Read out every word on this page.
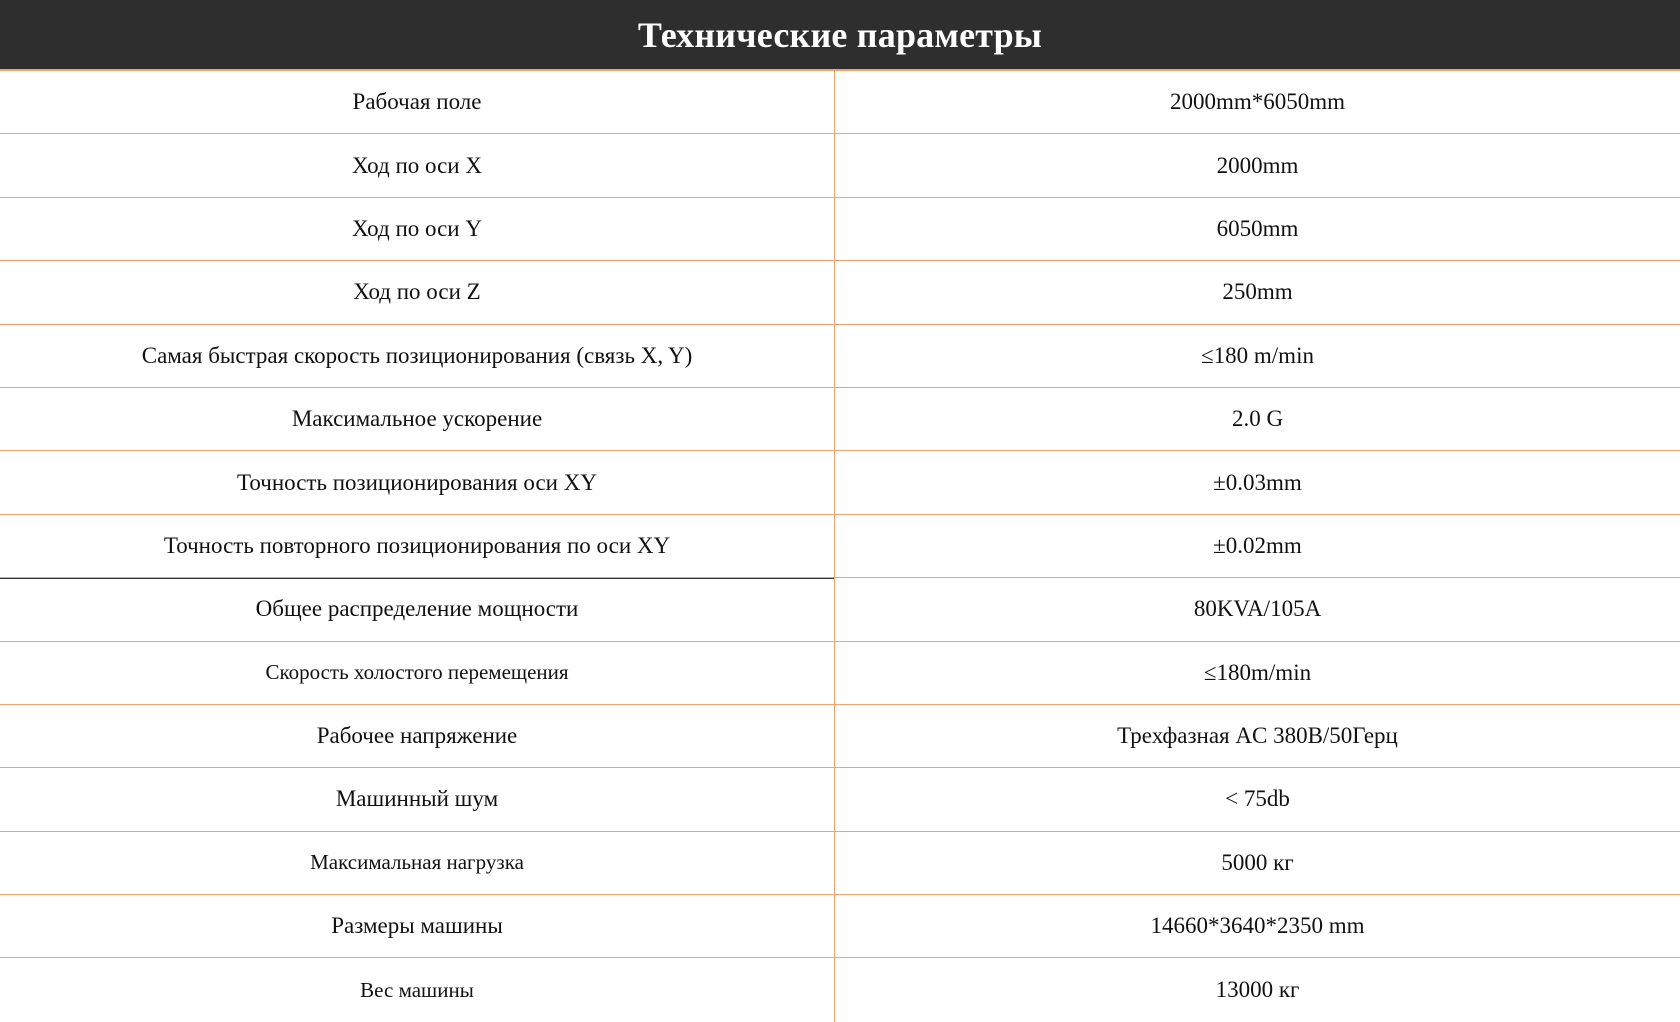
Технические параметры
Рабочая поле	2000mm*6050mm
Ход по оси X	2000mm
Ход по оси Y	6050mm
Ход по оси Z	250mm
Самая быстрая скорость позиционирования (связь X, Y)	≤180 m/min
Максимальное ускорение	2.0 G
Точность позиционирования оси XY	±0.03mm
Точность повторного позиционирования по оси XY	±0.02mm
Общее распределение мощности	80KVA/105A
Скорость холостого перемещения	≤180m/min
Рабочее напряжение	Трехфазная AC 380В/50Герц
Машинный шум	< 75db
Максимальная нагрузка	5000 кг
Размеры машины	14660*3640*2350 mm
Вес машины	13000 кг
